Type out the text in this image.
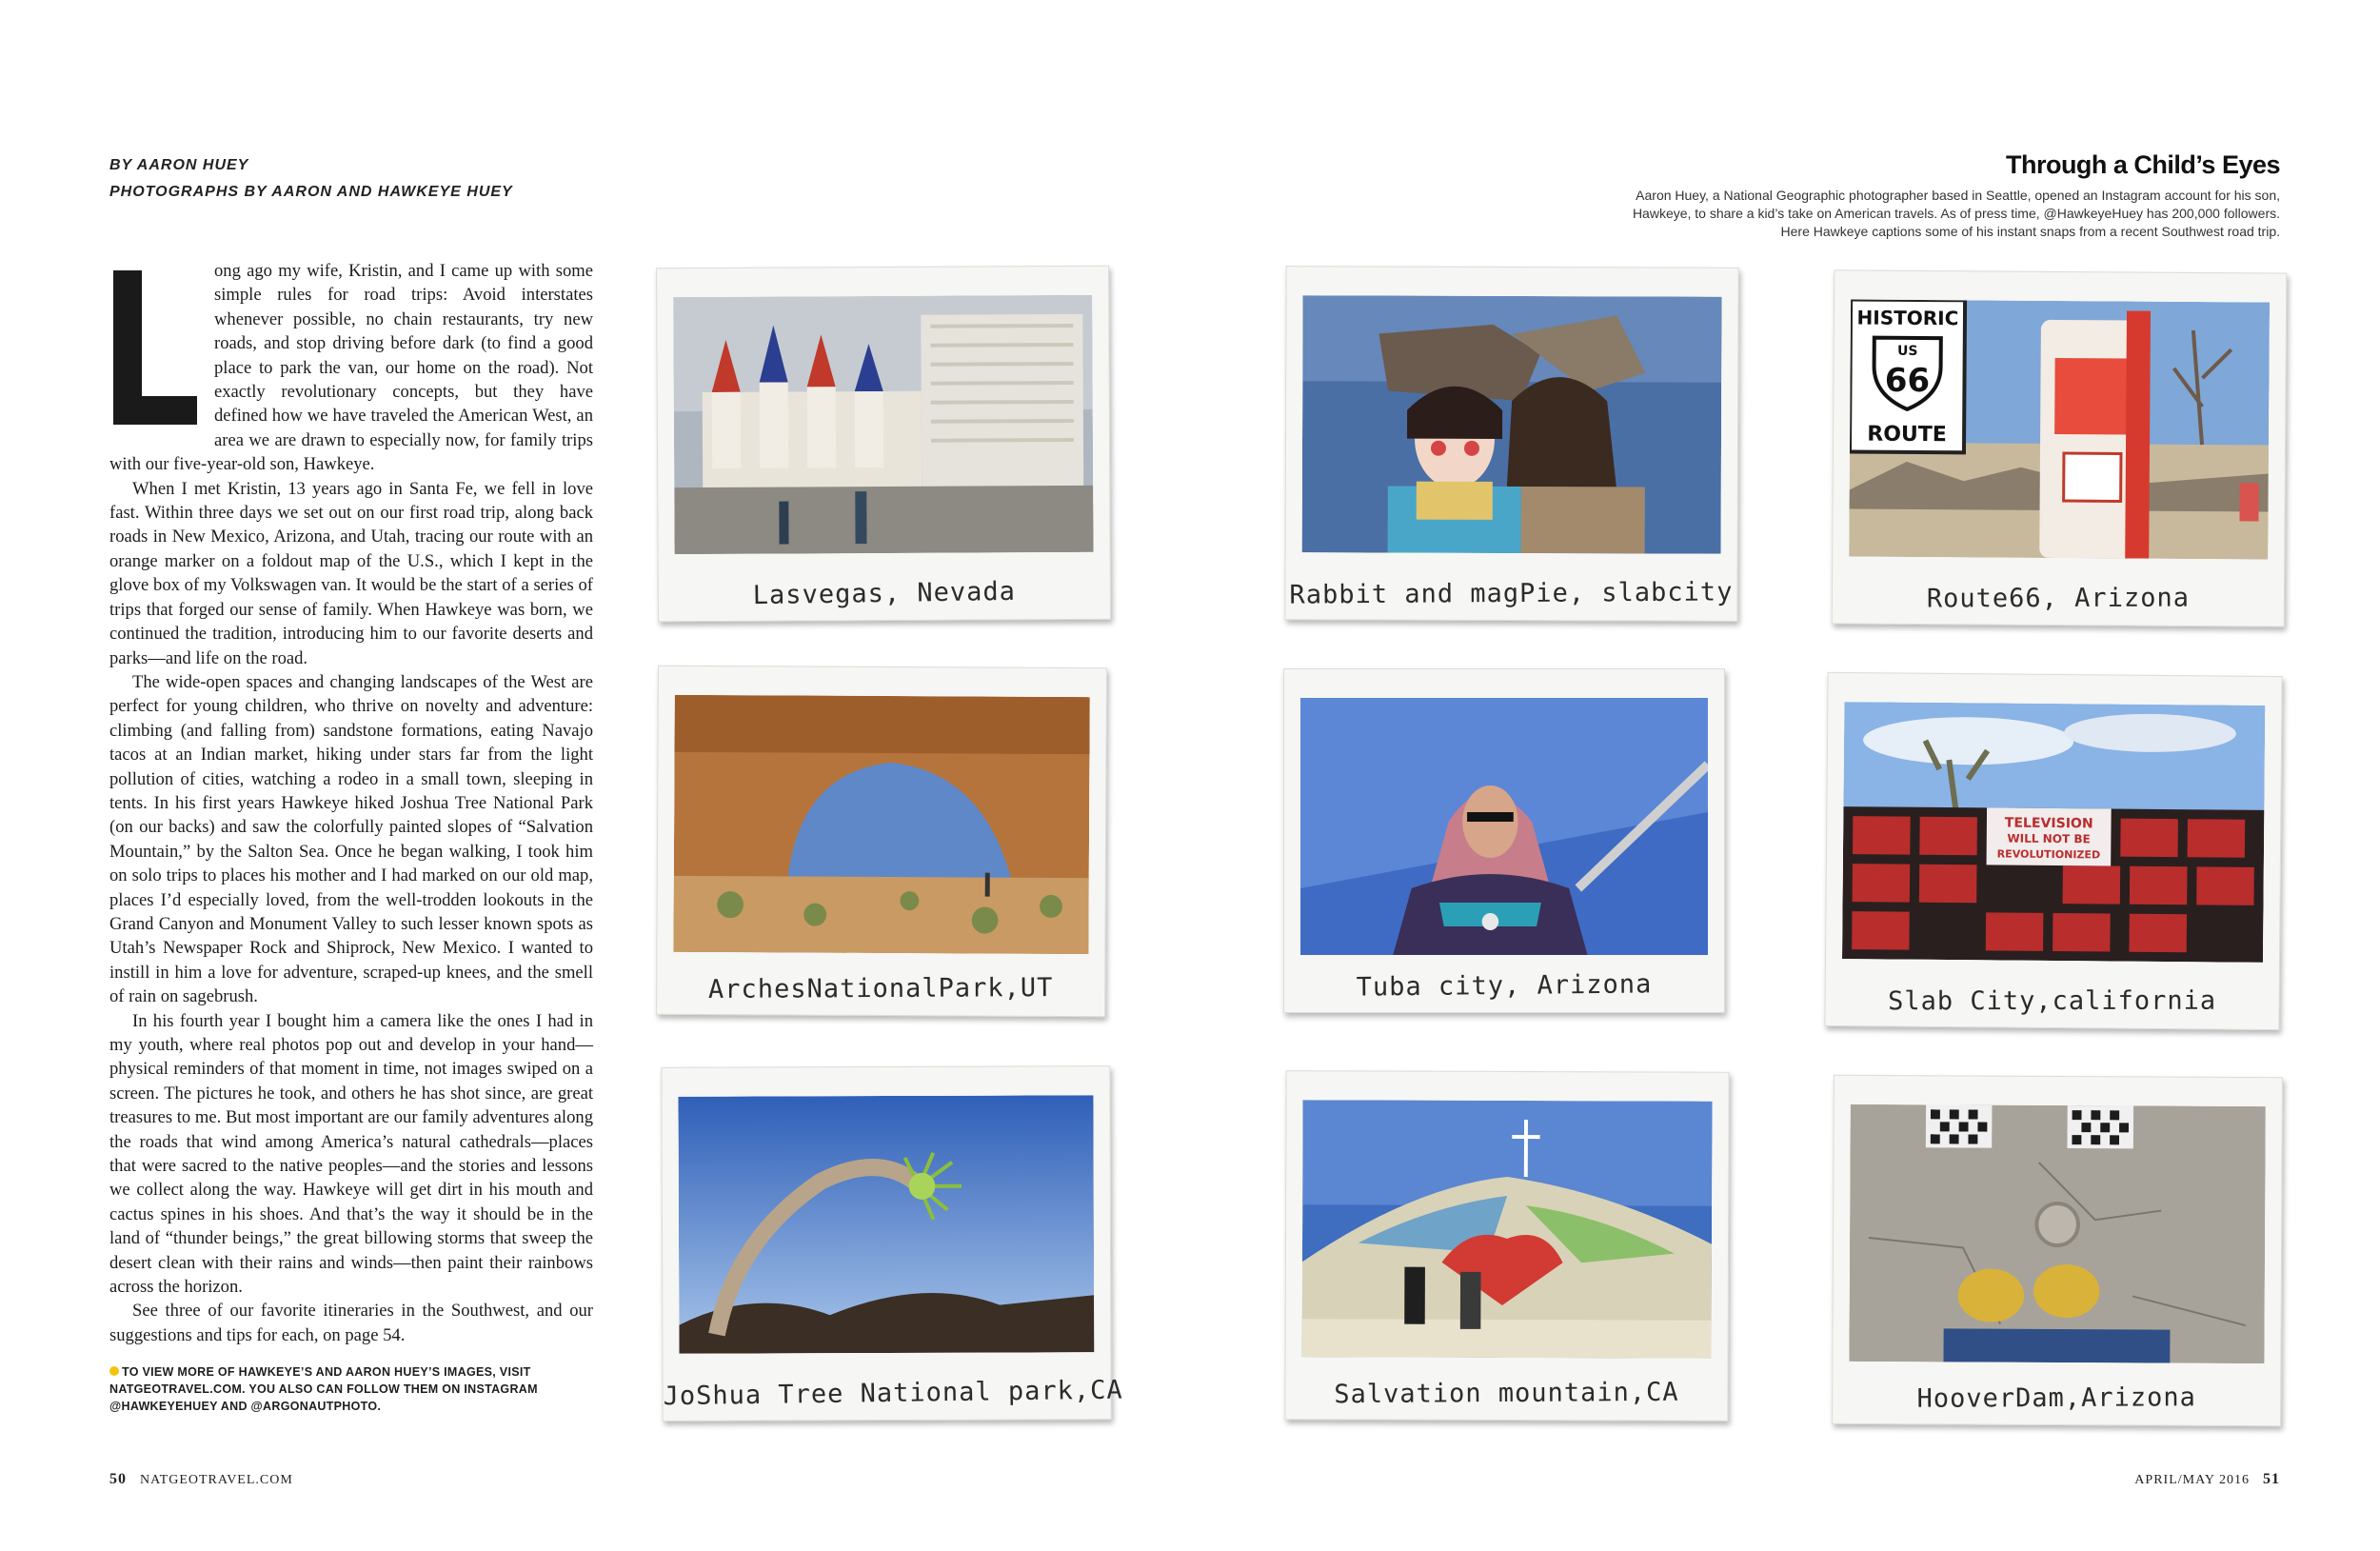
BY AARON HUEY
PHOTOGRAPHS BY AARON AND HAWKEYE HUEY

ong ago my wife, Kristin, and I came up with some simple rules for road trips: Avoid interstates whenever possible, no chain restaurants, try new roads, and stop driving before dark (to find a good place to park the van, our home on the road). Not exactly revolutionary concepts, but they have defined how we have traveled the American West, an area we are drawn to especially now, for family trips with our five-year-old son, Hawkeye.

When I met Kristin, 13 years ago in Santa Fe, we fell in love fast. Within three days we set out on our first road trip, along back roads in New Mexico, Arizona, and Utah, tracing our route with an orange marker on a foldout map of the U.S., which I kept in the glove box of my Volkswagen van. It would be the start of a series of trips that forged our sense of family. When Hawkeye was born, we continued the tradition, introducing him to our favorite deserts and parks—and life on the road.

The wide-open spaces and changing landscapes of the West are perfect for young children, who thrive on novelty and adventure: climbing (and falling from) sandstone formations, eating Navajo tacos at an Indian market, hiking under stars far from the light pollution of cities, watching a rodeo in a small town, sleeping in tents. In his first years Hawkeye hiked Joshua Tree National Park (on our backs) and saw the colorfully painted slopes of “Salvation Mountain,” by the Salton Sea. Once he began walking, I took him on solo trips to places his mother and I had marked on our old map, places I’d especially loved, from the well-trodden lookouts in the Grand Canyon and Monument Valley to such lesser known spots as Utah’s Newspaper Rock and Shiprock, New Mexico. I wanted to instill in him a love for adventure, scraped-up knees, and the smell of rain on sagebrush.

In his fourth year I bought him a camera like the ones I had in my youth, where real photos pop out and develop in your hand—physical reminders of that moment in time, not images swiped on a screen. The pictures he took, and others he has shot since, are great treasures to me. But most important are our family adventures along the roads that wind among America’s natural cathedrals—places that were sacred to the native peoples—and the stories and lessons we collect along the way. Hawkeye will get dirt in his mouth and cactus spines in his shoes. And that’s the way it should be in the land of “thunder beings,” the great billowing storms that sweep the desert clean with their rains and winds—then paint their rainbows across the horizon.

See three of our favorite itineraries in the Southwest, and our suggestions and tips for each, on page 54.

TO VIEW MORE OF HAWKEYE’S AND AARON HUEY’S IMAGES, VISIT NATGEOTRAVEL.COM. YOU ALSO CAN FOLLOW THEM ON INSTAGRAM @HAWKEYEHUEY AND @ARGONAUTPHOTO.
Through a Child’s Eyes
Aaron Huey, a National Geographic photographer based in Seattle, opened an Instagram account for his son,
Hawkeye, to share a kid’s take on American travels. As of press time, @HawkeyeHuey has 200,000 followers.
Here Hawkeye captions some of his instant snaps from a recent Southwest road trip.
Lasvegas, Nevada	Rabbit and magPie, slabcity
HISTORIC
US
66
ROUTE
Route66, Arizona
ArchesNationalPark,UT	Tuba city, Arizona
TELEVISION
WILL NOT BE
REVOLUTIONIZED
Slab City,california
JoShua Tree National park,CA	Salvation mountain,CA	HooverDam,Arizona
50 NATGEOTRAVEL.COM	APRIL/MAY 2016 51
